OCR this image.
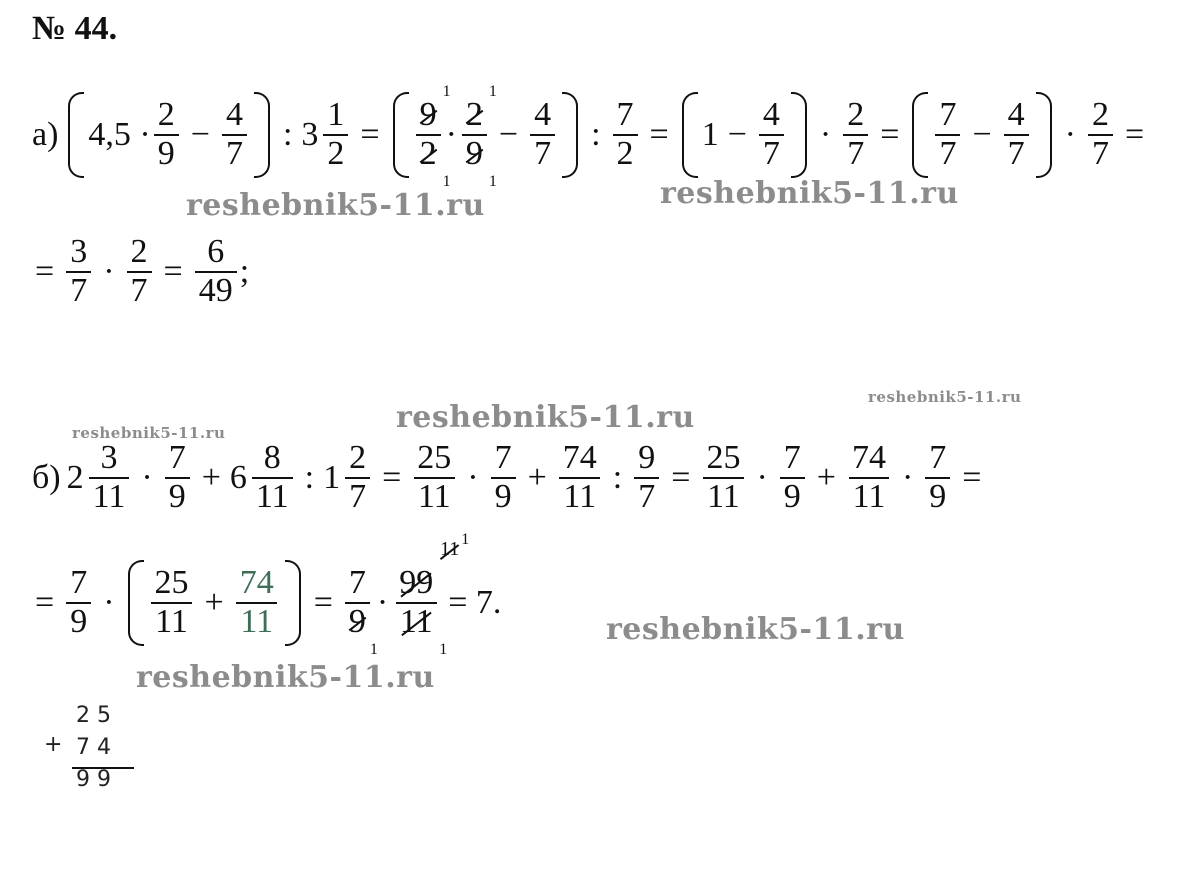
№ 44.
а) $4,5 \cdot \frac{2}{9} - \frac{4}{7}$ : $3 \frac{1}{2}$ =
9
2
1
1
·
2
9
1
1
− $\frac{4}{7}$ : $\frac{7}{2} = 1 - \frac{4}{7} \cdot \frac{2}{7} = \frac{7}{7} - \frac{4}{7} \cdot \frac{2}{7}$ =
= $\frac{3}{7} \cdot \frac{2}{7} = \frac{6}{49}$ ;
б) $2 \frac{3}{11} \cdot \frac{7}{9} + 6 \frac{8}{11}$ : $1 \frac{2}{7} = \frac{25}{11} \cdot \frac{7}{9} + \frac{74}{11}$ : $\frac{9}{7} = \frac{25}{11} \cdot \frac{7}{9} + \frac{74}{11} \cdot \frac{7}{9}$ =
= $\frac{7}{9} \cdot \frac{25}{11} + \frac{74}{11}$ =
7
9
1
·
99
11
11 1
1
= 7.
2 5
7 4
9 9
+
reshebnik5-11.ru	reshebnik5-11.ru
reshebnik5-11.ru
reshebnik5-11.ru
reshebnik5-11.ru
reshebnik5-11.ru
reshebnik5-11.ru
